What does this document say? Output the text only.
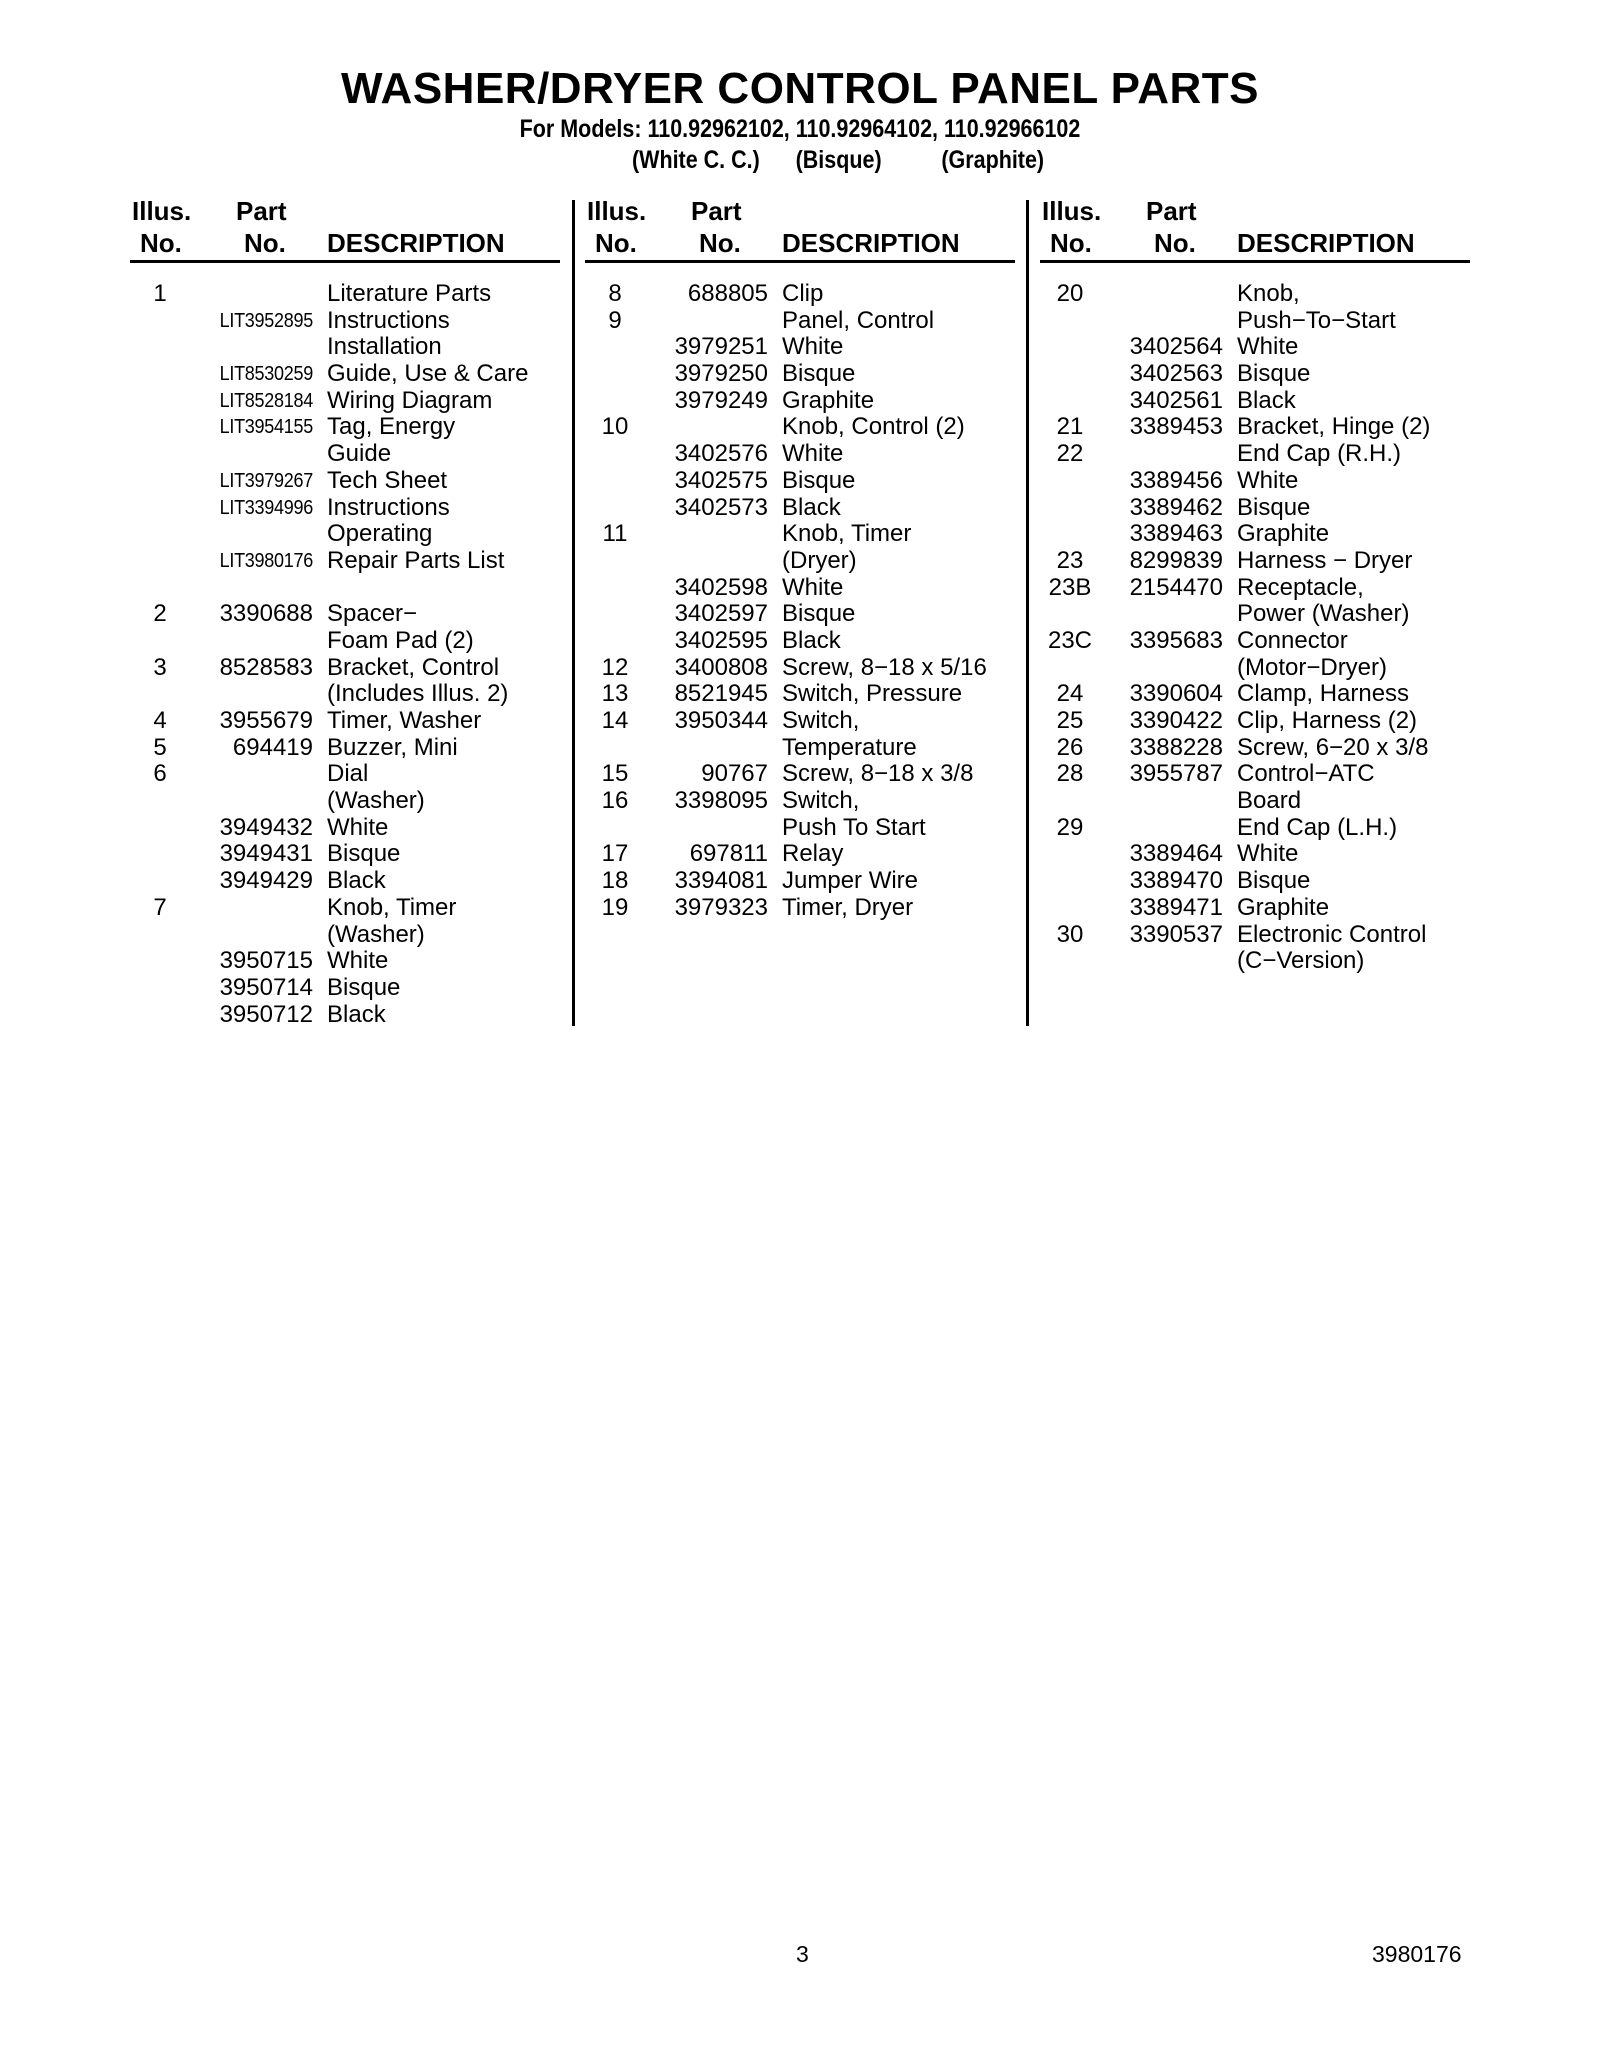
WASHER/DRYER CONTROL PANEL PARTS
For Models: 110.92962102, 110.92964102, 110.92966102
(White C. C.)      (Bisque)          (Graphite)
Illus.
No.
Part
No. DESCRIPTION
1	Literature Parts
LIT3952895 Instructions
Installation
LIT8530259 Guide, Use & Care
LIT8528184 Wiring Diagram
LIT3954155 Tag, Energy
Guide
LIT3979267 Tech Sheet
LIT3394996 Instructions
Operating
LIT3980176 Repair Parts List
2	3390688 Spacer−
Foam Pad (2)
3	8528583 Bracket, Control
(Includes Illus. 2)
4	3955679 Timer, Washer
5	694419 Buzzer, Mini
6	Dial
(Washer)
3949432 White
3949431 Bisque
3949429 Black
7	Knob, Timer
(Washer)
3950715 White
3950714 Bisque
3950712 Black
Illus.
No.
Part
No. DESCRIPTION
8	688805 Clip
9	Panel, Control
3979251 White
3979250 Bisque
3979249 Graphite
10	Knob, Control (2)
3402576 White
3402575 Bisque
3402573 Black
11	Knob, Timer
(Dryer)
3402598 White
3402597 Bisque
3402595 Black
12	3400808 Screw, 8−18 x 5/16
13	8521945 Switch, Pressure
14	3950344 Switch,
Temperature
15	90767 Screw, 8−18 x 3/8
16	3398095 Switch,
Push To Start
17	697811 Relay
18	3394081 Jumper Wire
19	3979323 Timer, Dryer
Illus.
No.
Part
No. DESCRIPTION
20	Knob,
Push−To−Start
3402564 White
3402563 Bisque
3402561 Black
21	3389453 Bracket, Hinge (2)
22	End Cap (R.H.)
3389456 White
3389462 Bisque
3389463 Graphite
23	8299839 Harness − Dryer
23B	2154470 Receptacle,
Power (Washer)
23C	3395683 Connector
(Motor−Dryer)
24	3390604 Clamp, Harness
25	3390422 Clip, Harness (2)
26	3388228 Screw, 6−20 x 3/8
28	3955787 Control−ATC
Board
29	End Cap (L.H.)
3389464 White
3389470 Bisque
3389471 Graphite
30	3390537 Electronic Control
(C−Version)
3	3980176
